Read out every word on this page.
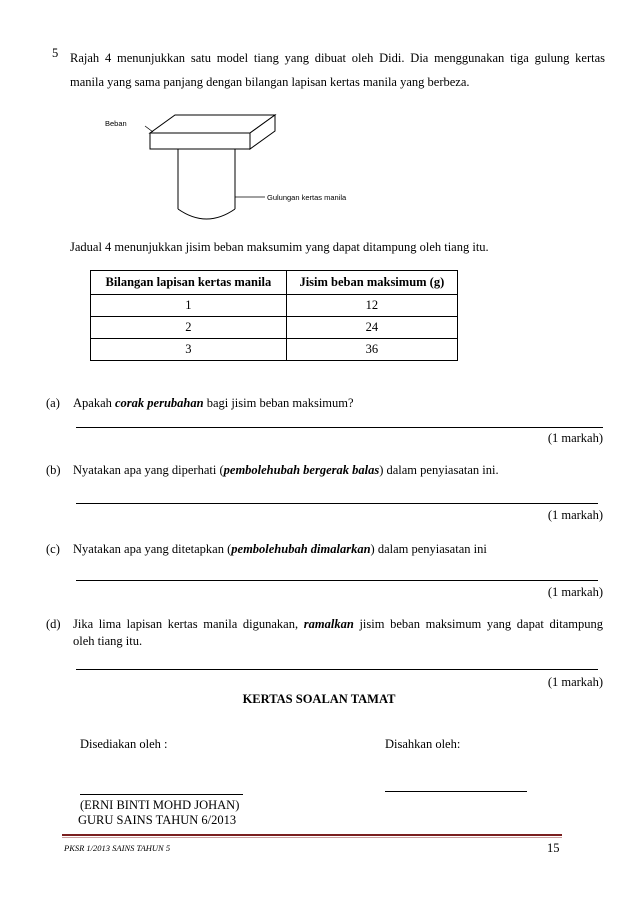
5 Rajah 4 menunjukkan satu model tiang yang dibuat oleh Didi. Dia menggunakan tiga gulung kertas
manila yang sama panjang dengan bilangan lapisan kertas manila yang berbeza.
Beban
Gulungan kertas manila
Jadual 4 menunjukkan jisim beban maksumim yang dapat ditampung oleh tiang itu.
Bilangan lapisan kertas manila	Jisim beban maksimum (g)
1	12
2	24
3	36
(a) Apakah corak perubahan bagi jisim beban maksimum?
(1 markah)
(b) Nyatakan apa yang diperhati (pembolehubah bergerak balas) dalam penyiasatan ini.
(1 markah)
(c) Nyatakan apa yang ditetapkan (pembolehubah dimalarkan) dalam penyiasatan ini
(1 markah)
(d) Jika lima lapisan kertas manila digunakan, ramalkan jisim beban maksimum yang dapat ditampung
oleh tiang itu.
(1 markah)
KERTAS SOALAN TAMAT
Disediakan oleh :	Disahkan oleh:
(ERNI BINTI MOHD JOHAN)
GURU SAINS TAHUN 6/2013
PKSR 1/2013 SAINS TAHUN 5	15
